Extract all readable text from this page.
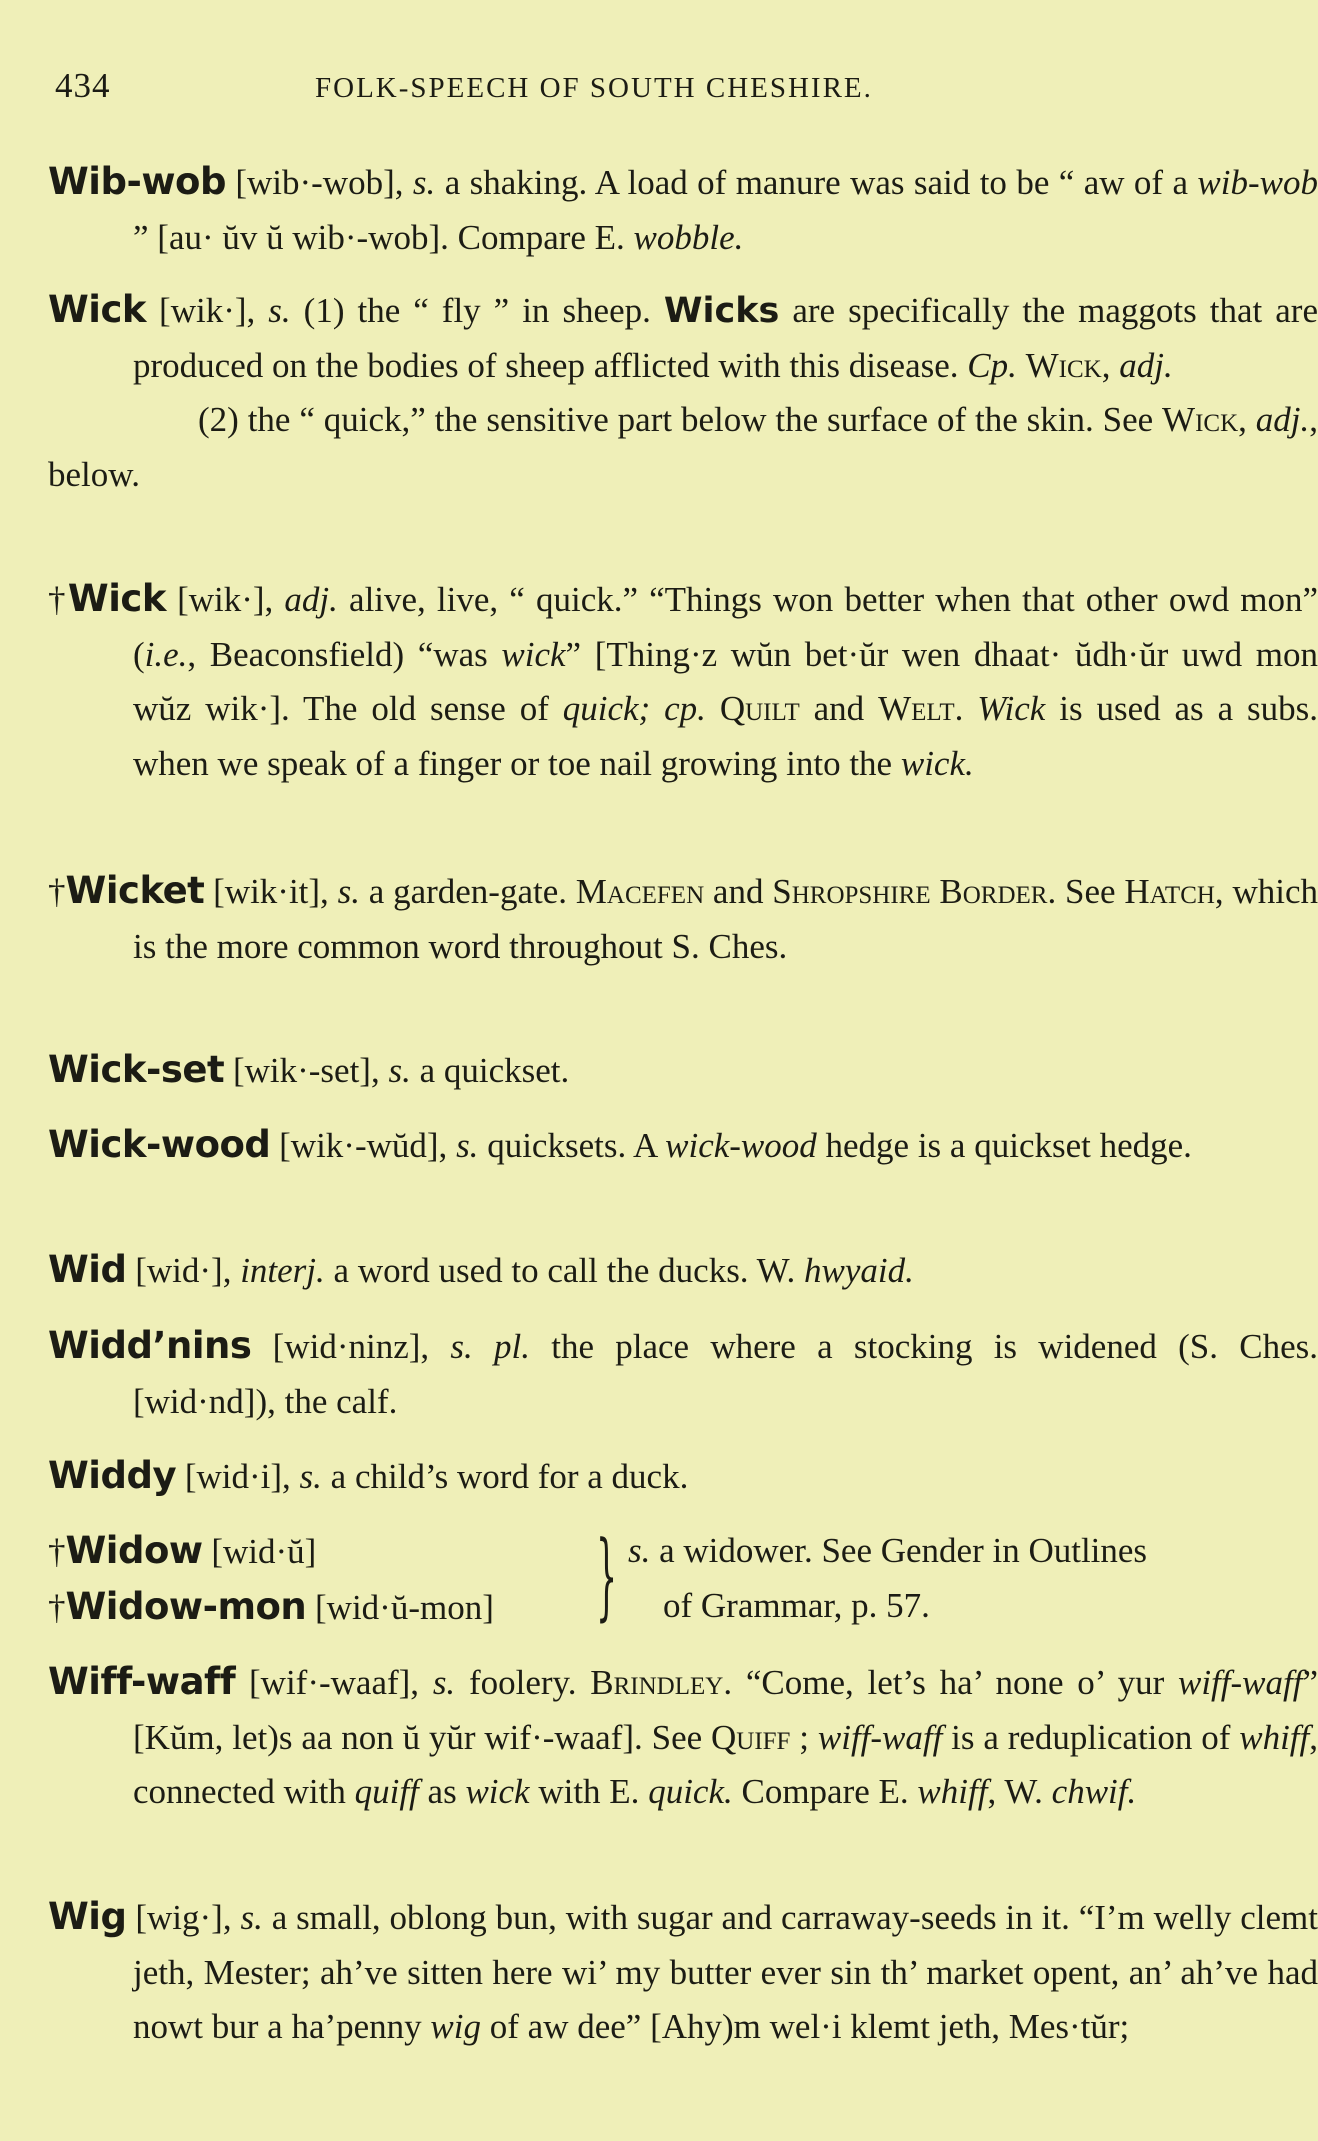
434	FOLK-SPEECH OF SOUTH CHESHIRE.
Wib-wob [wib·-wob], s. a shaking. A load of manure was said to be “ aw of a wib-wob ” [au· ŭv ŭ wib·-wob]. Compare E. wobble.
Wick [wik·], s. (1) the “ fly ” in sheep. Wicks are specifically the maggots that are produced on the bodies of sheep afflicted with this disease. Cp. Wick, adj.
(2) the “ quick,” the sensitive part below the surface of the skin. See Wick, adj., below.
†Wick [wik·], adj. alive, live, “ quick.” “Things won better when that other owd mon” (i.e., Beaconsfield) “was wick” [Thing·z wŭn bet·ŭr wen dhaat· ŭdh·ŭr uwd mon wŭz wik·]. The old sense of quick; cp. Quilt and Welt. Wick is used as a subs. when we speak of a finger or toe nail growing into the wick.
†Wicket [wik·it], s. a garden-gate. Macefen and Shropshire Border. See Hatch, which is the more common word throughout S. Ches.
Wick-set [wik·-set], s. a quickset.
Wick-wood [wik·-wŭd], s. quicksets. A wick-wood hedge is a quickset hedge.
Wid [wid·], interj. a word used to call the ducks. W. hwyaid.
Widd’nins [wid·ninz], s. pl. the place where a stocking is widened (S. Ches. [wid·nd]), the calf.
Widdy [wid·i], s. a child’s word for a duck.
†Widow [wid·ŭ]
†Widow-mon [wid·ŭ-mon]	} s. a widower. See Gender in Outlines
of Grammar, p. 57.
Wiff-waff [wif·-waaf], s. foolery. Brindley. “Come, let’s ha’ none o’ yur wiff-waff” [Kŭm, let)s aa non ŭ yŭr wif·-waaf]. See Quiff ; wiff-waff is a reduplication of whiff, connected with quiff as wick with E. quick. Compare E. whiff, W. chwif.
Wig [wig·], s. a small, oblong bun, with sugar and carraway-seeds in it. “I’m welly clemt jeth, Mester; ah’ve sitten here wi’ my butter ever sin th’ market opent, an’ ah’ve had nowt bur a ha’penny wig of aw dee” [Ahy)m wel·i klemt jeth, Mes·tŭr;
